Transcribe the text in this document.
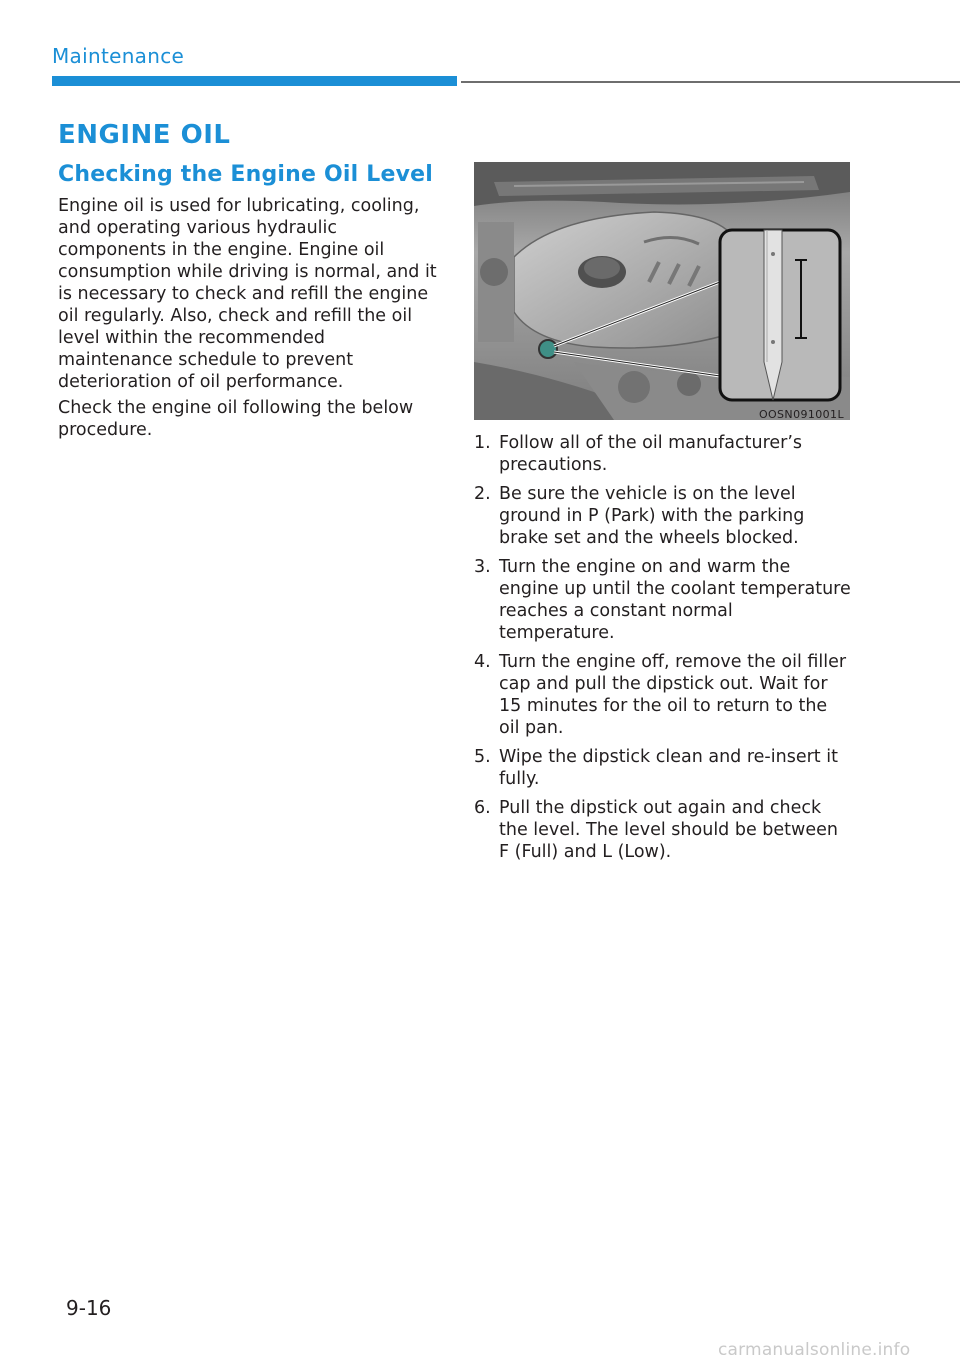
Maintenance
ENGINE OIL
Checking the Engine Oil Level

Engine oil is used for lubricating, cooling, and operating various hydraulic components in the engine. Engine oil consumption while driving is normal, and it is necessary to check and refill the engine oil regularly. Also, check and refill the oil level within the recommended maintenance schedule to prevent deterioration of oil performance.

Check the engine oil following the below procedure.

OOSN091001L
1. Follow all of the oil manufacturer’s precautions.
2. Be sure the vehicle is on the level ground in P (Park) with the parking brake set and the wheels blocked.
3. Turn the engine on and warm the engine up until the coolant temperature reaches a constant normal temperature.
4. Turn the engine off, remove the oil filler cap and pull the dipstick out. Wait for 15 minutes for the oil to return to the oil pan.
5. Wipe the dipstick clean and re-insert it fully.
6. Pull the dipstick out again and check the level. The level should be between F (Full) and L (Low).
9-16
carmanualsonline.info
